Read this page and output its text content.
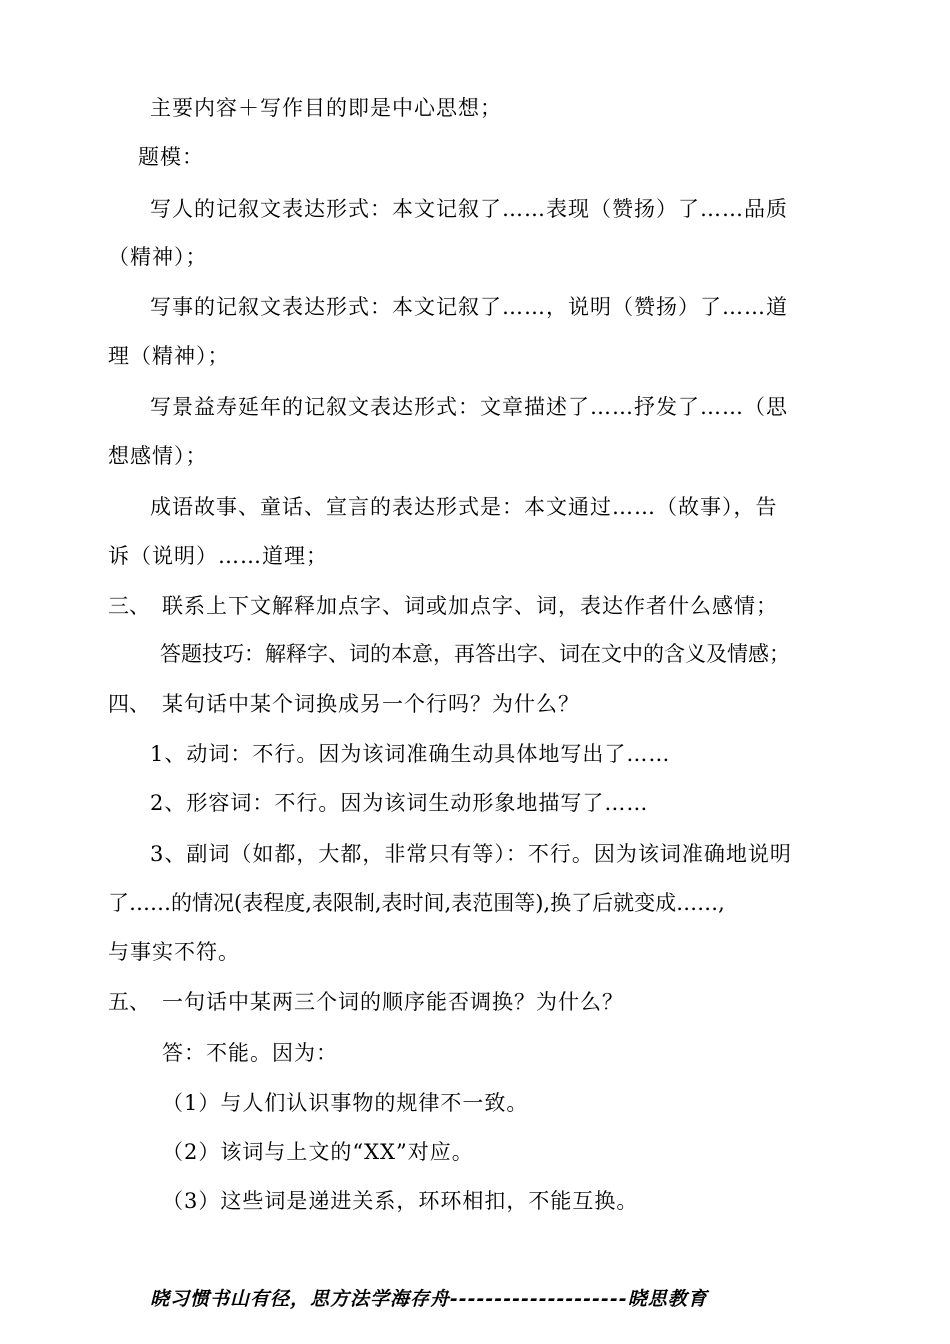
主要内容＋写作目的即是中心思想；

题模：

写人的记叙文表达形式：本文记叙了……表现（赞扬）了……品质

（精神）；

写事的记叙文表达形式：本文记叙了……，说明（赞扬）了……道

理（精神）；

写景益寿延年的记叙文表达形式：文章描述了……抒发了……（思

想感情）；

成语故事、童话、宣言的表达形式是：本文通过……（故事），告

诉（说明）……道理；

三、 联系上下文解释加点字、词或加点字、词，表达作者什么感情；

答题技巧：解释字、词的本意，再答出字、词在文中的含义及情感；

四、 某句话中某个词换成另一个行吗？为什么？

1、动词：不行。因为该词准确生动具体地写出了……

2、形容词：不行。因为该词生动形象地描写了……

3、副词（如都，大都，非常只有等）：不行。因为该词准确地说明

了……的情况(表程度,表限制,表时间,表范围等),换了后就变成……,

与事实不符。

五、 一句话中某两三个词的顺序能否调换？为什么？

答：不能。因为：

（1）与人们认识事物的规律不一致。

（2）该词与上文的“XX”对应。

（3）这些词是递进关系，环环相扣，不能互换。

晓习惯书山有径，思方法学海存舟--------------------晓思教育
